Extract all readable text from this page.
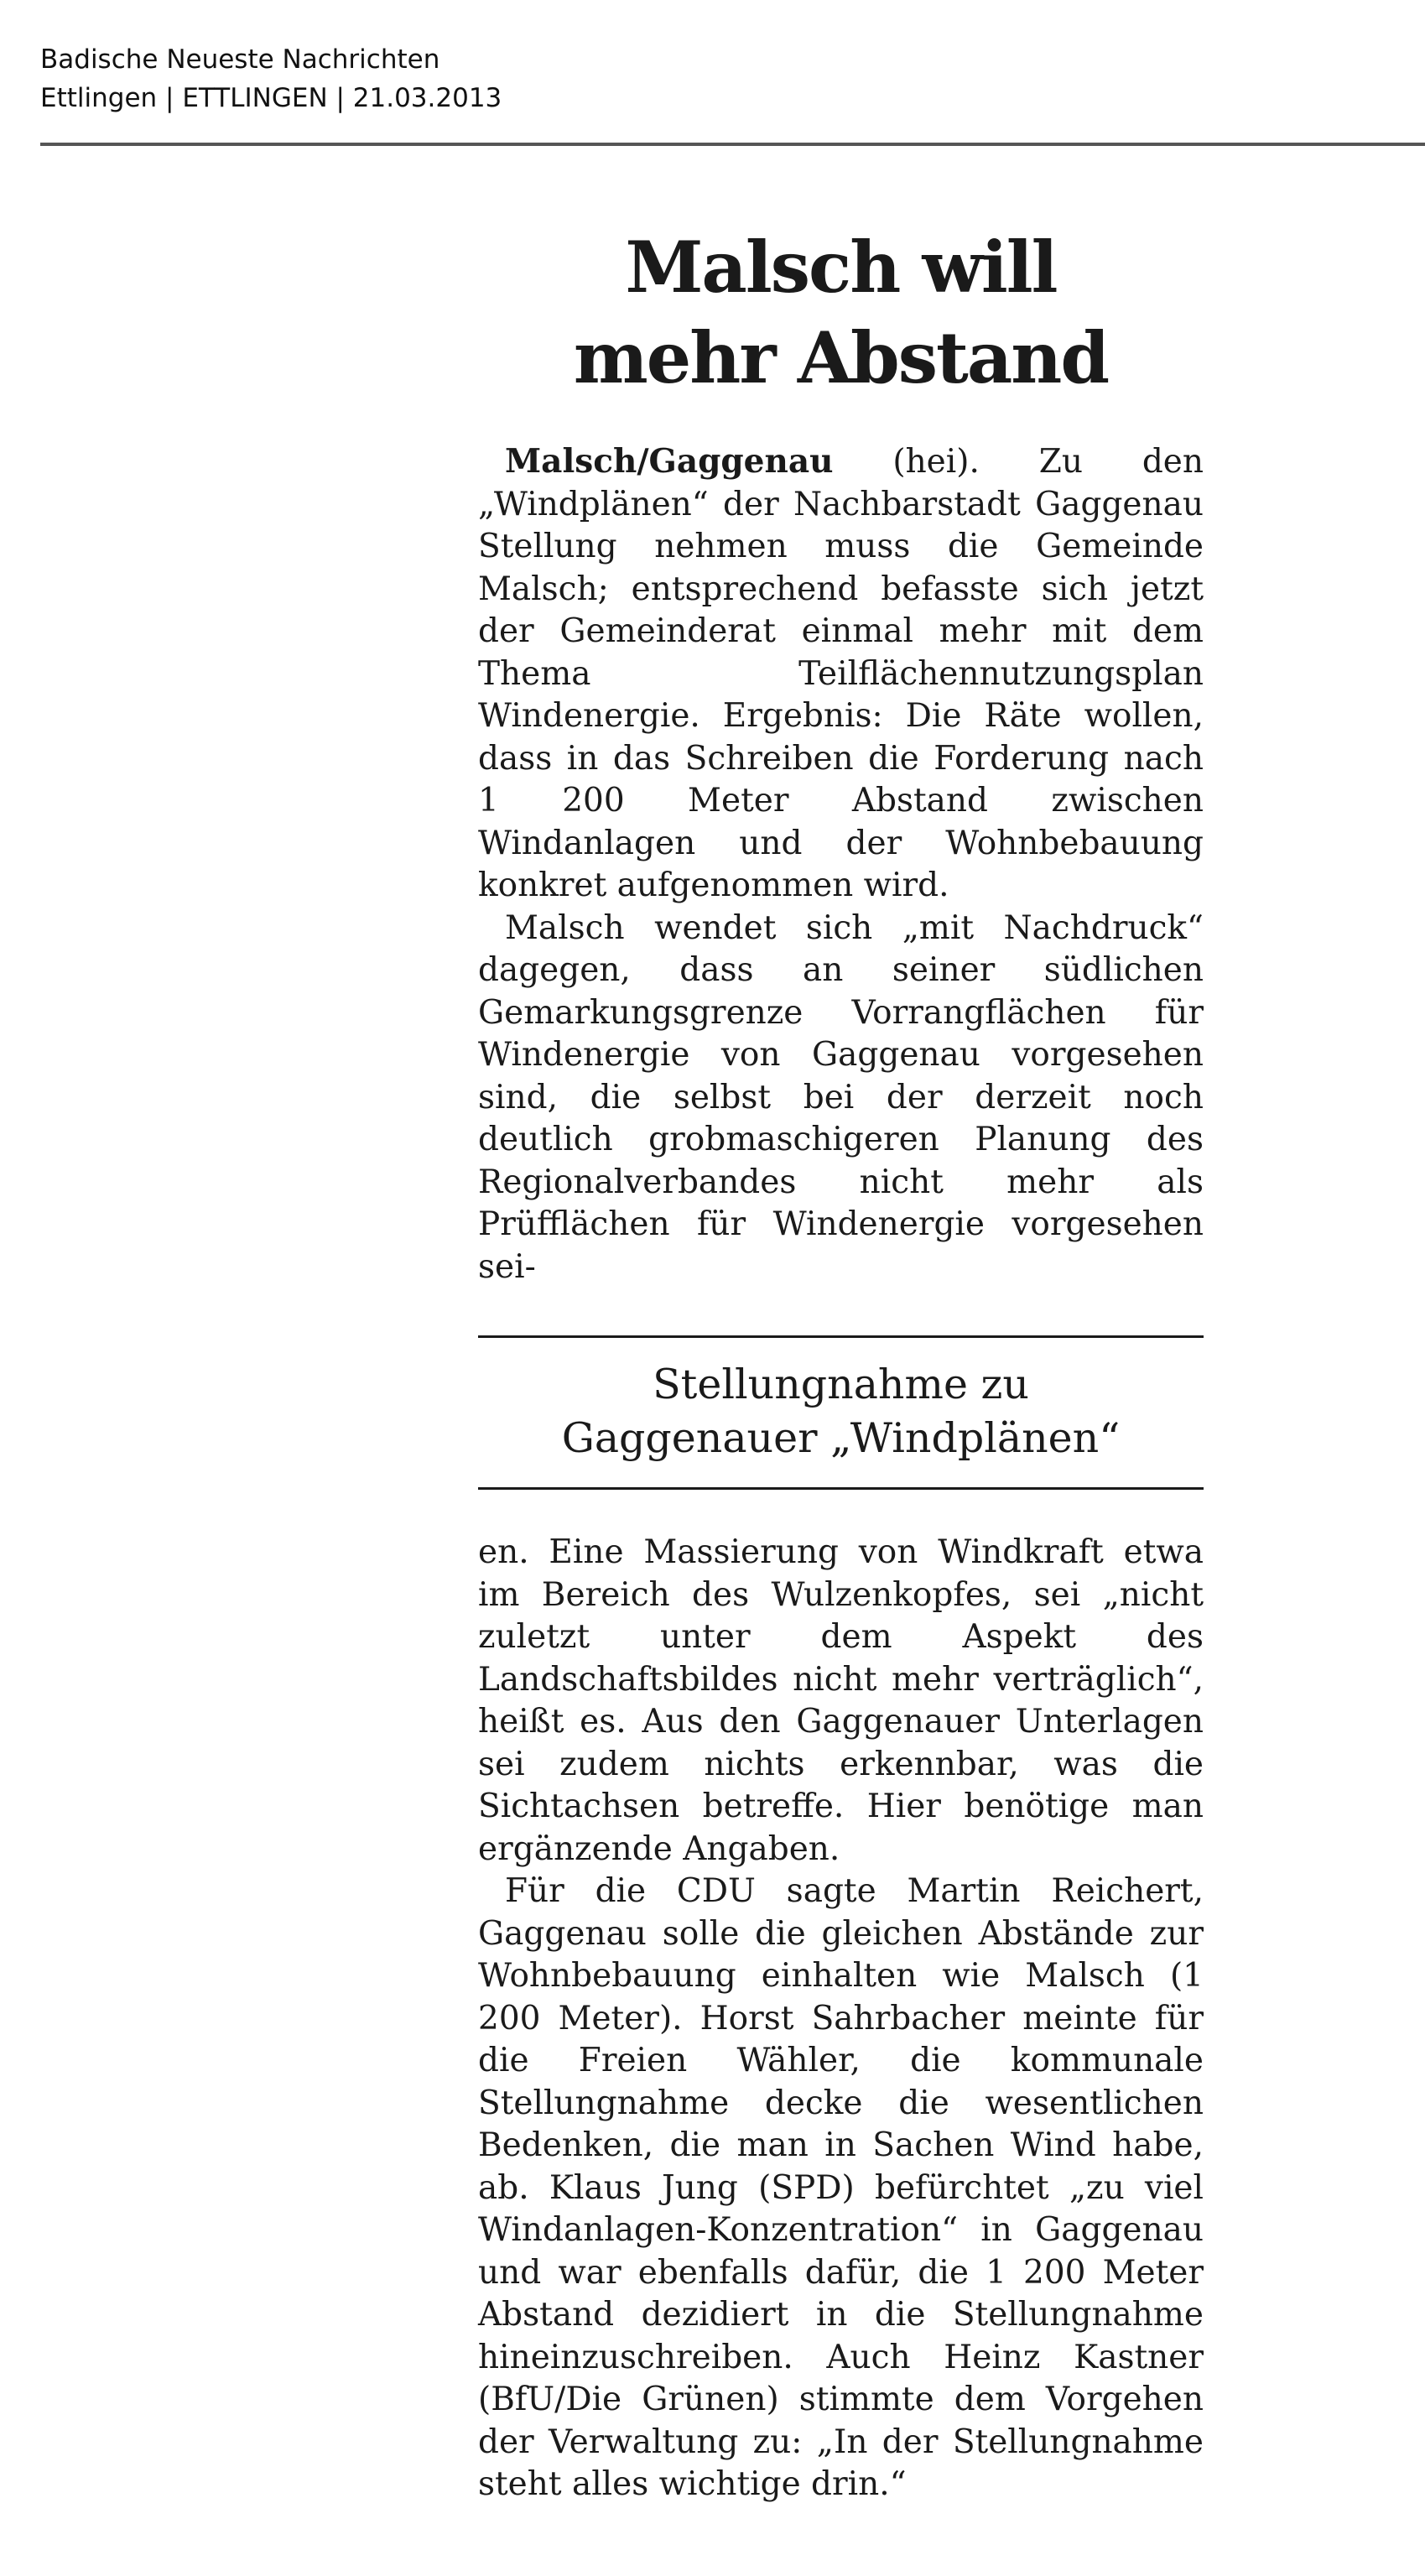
Badische Neueste Nachrichten
Ettlingen | ETTLINGEN | 21.03.2013
Malsch will
mehr Abstand

Malsch/Gaggenau (hei). Zu den „Windplänen“ der Nachbarstadt Gaggenau Stellung nehmen muss die Gemeinde Malsch; entsprechend befasste sich jetzt der Gemeinderat einmal mehr mit dem Thema Teilflächennutzungsplan Windenergie. Ergebnis: Die Räte wollen, dass in das Schreiben die Forderung nach 1 200 Meter Abstand zwischen Windanlagen und der Wohnbebauung konkret aufgenommen wird.

Malsch wendet sich „mit Nachdruck“ dagegen, dass an seiner südlichen Gemarkungsgrenze Vorrangflächen für Windenergie von Gaggenau vorgesehen sind, die selbst bei der derzeit noch deutlich grobmaschigeren Planung des Regionalverbandes nicht mehr als Prüfflächen für Windenergie vorgesehen sei-

Stellungnahme zu
Gaggenauer „Windplänen“

en. Eine Massierung von Windkraft etwa im Bereich des Wulzenkopfes, sei „nicht zuletzt unter dem Aspekt des Landschaftsbildes nicht mehr verträglich“, heißt es. Aus den Gaggenauer Unterlagen sei zudem nichts erkennbar, was die Sichtachsen betreffe. Hier benötige man ergänzende Angaben.

Für die CDU sagte Martin Reichert, Gaggenau solle die gleichen Abstände zur Wohnbebauung einhalten wie Malsch (1 200 Meter). Horst Sahrbacher meinte für die Freien Wähler, die kommunale Stellungnahme decke die wesentlichen Bedenken, die man in Sachen Wind habe, ab. Klaus Jung (SPD) befürchtet „zu viel Windanlagen-Konzentration“ in Gaggenau und war ebenfalls dafür, die 1 200 Meter Abstand dezidiert in die Stellungnahme hineinzuschreiben. Auch Heinz Kastner (BfU/Die Grünen) stimmte dem Vorgehen der Verwaltung zu: „In der Stellungnahme steht alles wichtige drin.“
